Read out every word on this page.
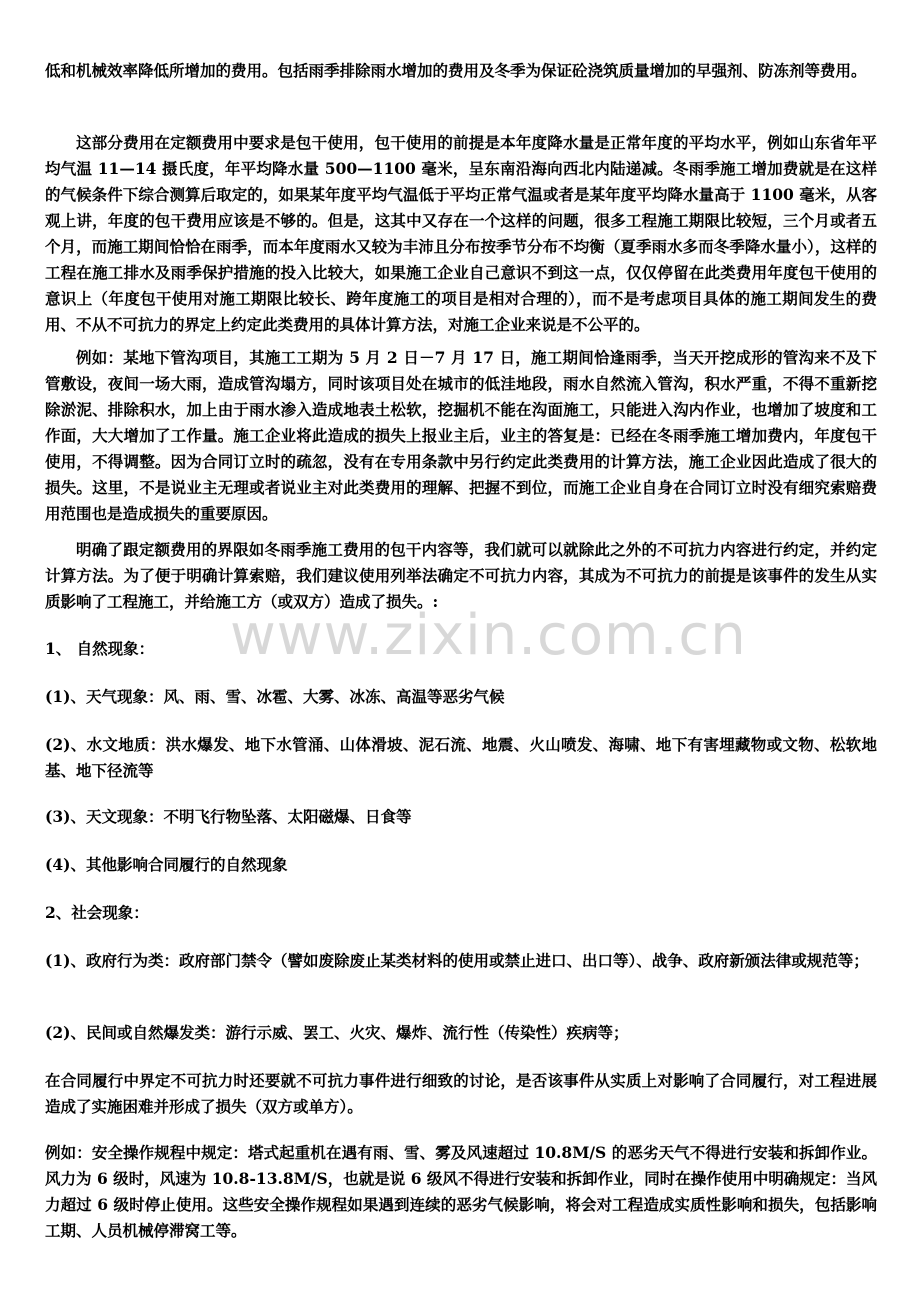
低和机械效率降低所增加的费用。包括雨季排除雨水增加的费用及冬季为保证砼浇筑质量增加的早强剂、防冻剂等费用。

这部分费用在定额费用中要求是包干使用，包干使用的前提是本年度降水量是正常年度的平均水平，例如山东省年平均气温 11—14 摄氏度，年平均降水量 500—1100 毫米，呈东南沿海向西北内陆递减。冬雨季施工增加费就是在这样的气候条件下综合测算后取定的，如果某年度平均气温低于平均正常气温或者是某年度平均降水量高于 1100 毫米，从客观上讲，年度的包干费用应该是不够的。但是，这其中又存在一个这样的问题，很多工程施工期限比较短，三个月或者五个月，而施工期间恰恰在雨季，而本年度雨水又较为丰沛且分布按季节分布不均衡（夏季雨水多而冬季降水量小），这样的工程在施工排水及雨季保护措施的投入比较大，如果施工企业自己意识不到这一点，仅仅停留在此类费用年度包干使用的意识上（年度包干使用对施工期限比较长、跨年度施工的项目是相对合理的），而不是考虑项目具体的施工期间发生的费用、不从不可抗力的界定上约定此类费用的具体计算方法，对施工企业来说是不公平的。

例如：某地下管沟项目，其施工工期为 5 月 2 日－7 月 17 日，施工期间恰逢雨季，当天开挖成形的管沟来不及下管敷设，夜间一场大雨，造成管沟塌方，同时该项目处在城市的低洼地段，雨水自然流入管沟，积水严重，不得不重新挖除淤泥、排除积水，加上由于雨水渗入造成地表土松软，挖掘机不能在沟面施工，只能进入沟内作业，也增加了坡度和工作面，大大增加了工作量。施工企业将此造成的损失上报业主后，业主的答复是：已经在冬雨季施工增加费内，年度包干使用，不得调整。因为合同订立时的疏忽，没有在专用条款中另行约定此类费用的计算方法，施工企业因此造成了很大的损失。这里，不是说业主无理或者说业主对此类费用的理解、把握不到位，而施工企业自身在合同订立时没有细究索赔费用范围也是造成损失的重要原因。

明确了跟定额费用的界限如冬雨季施工费用的包干内容等，我们就可以就除此之外的不可抗力内容进行约定，并约定计算方法。为了便于明确计算索赔，我们建议使用列举法确定不可抗力内容，其成为不可抗力的前提是该事件的发生从实质影响了工程施工，并给施工方（或双方）造成了损失。:

www.zixin.com.cn

1、 自然现象：

(1)、天气现象：风、雨、雪、冰雹、大雾、冰冻、高温等恶劣气候

(2)、水文地质：洪水爆发、地下水管涌、山体滑坡、泥石流、地震、火山喷发、海啸、地下有害埋藏物或文物、松软地基、地下径流等

(3)、天文现象：不明飞行物坠落、太阳磁爆、日食等

(4)、其他影响合同履行的自然现象

2、社会现象：

(1)、政府行为类：政府部门禁令（譬如废除废止某类材料的使用或禁止进口、出口等）、战争、政府新颁法律或规范等；

(2)、民间或自然爆发类：游行示威、罢工、火灾、爆炸、流行性（传染性）疾病等；

在合同履行中界定不可抗力时还要就不可抗力事件进行细致的讨论，是否该事件从实质上对影响了合同履行，对工程进展造成了实施困难并形成了损失（双方或单方）。

例如：安全操作规程中规定：塔式起重机在遇有雨、雪、雾及风速超过 10.8M/S 的恶劣天气不得进行安装和拆卸作业。风力为 6 级时，风速为 10.8-13.8M/S，也就是说 6 级风不得进行安装和拆卸作业，同时在操作使用中明确规定：当风力超过 6 级时停止使用。这些安全操作规程如果遇到连续的恶劣气候影响，将会对工程造成实质性影响和损失，包括影响工期、人员机械停滞窝工等。
